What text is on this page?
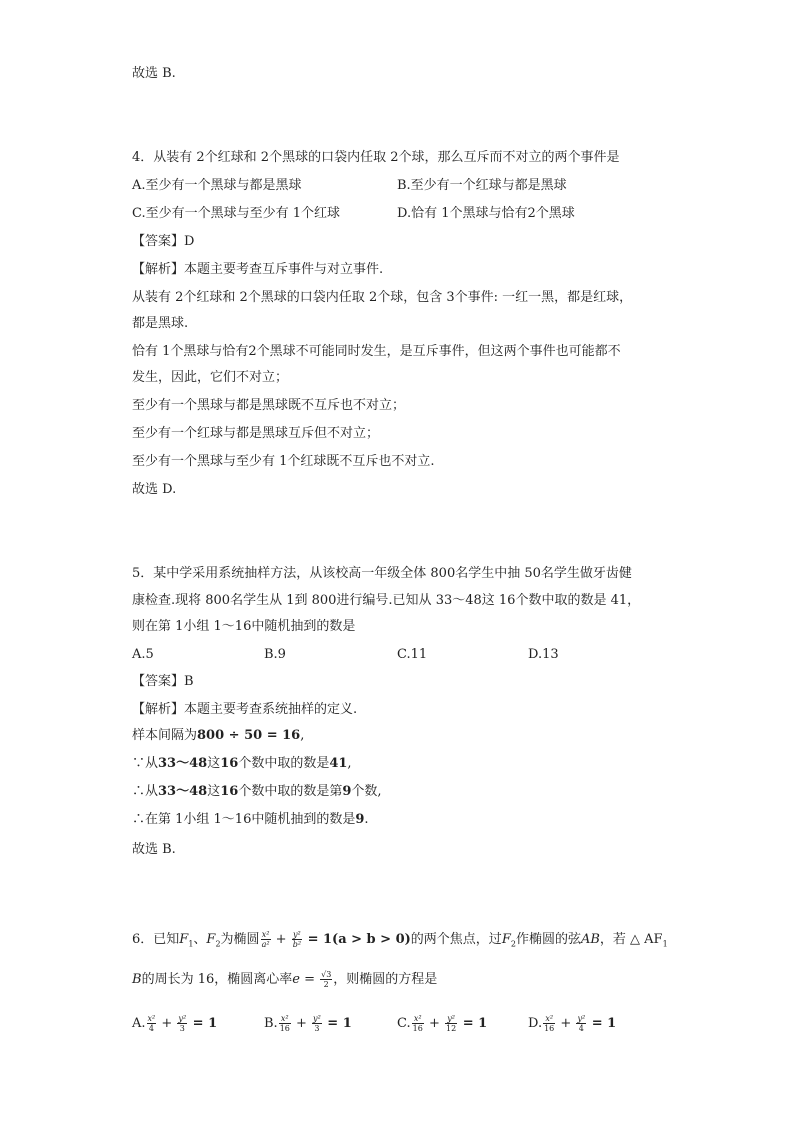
故选 B.
4．从装有 2个红球和 2个黑球的口袋内任取 2个球，那么互斥而不对立的两个事件是
A.至少有一个黑球与都是黑球	B.至少有一个红球与都是黑球
C.至少有一个黑球与至少有 1个红球	D.恰有 1个黑球与恰有2个黑球
【答案】D
【解析】本题主要考查互斥事件与对立事件.
从装有 2个红球和 2个黑球的口袋内任取 2个球，包含 3个事件: 一红一黑，都是红球，
都是黑球.
恰有 1个黑球与恰有2个黑球不可能同时发生，是互斥事件，但这两个事件也可能都不
发生，因此，它们不对立；
至少有一个黑球与都是黑球既不互斥也不对立；
至少有一个红球与都是黑球互斥但不对立；
至少有一个黑球与至少有 1个红球既不互斥也不对立.
故选 D.
5．某中学采用系统抽样方法，从该校高一年级全体 800名学生中抽 50名学生做牙齿健
康检查.现将 800名学生从 1到 800进行编号.已知从 33～48这 16个数中取的数是 41，
则在第 1小组 1～16中随机抽到的数是
A.5	B.9	C.11	D.13
【答案】B
【解析】本题主要考查系统抽样的定义.
样本间隔为800 ÷ 50 = 16,
∵从33～48这16个数中取的数是41,
∴从33～48这16个数中取的数是第9个数,
∴在第 1小组 1～16中随机抽到的数是9.
故选 B.
6．已知$F_1$、$F_2$为椭圆 $\frac{\text{x²}}{\text{a²}} + \frac{\text{y²}}{\text{b²}} = 1(a > b > 0)$的两个焦点，过$F_2$作椭圆的弦AB，若 △ $AF_1$
B的周长为 16，椭圆离心率$e = \frac{√3}{2}$ ，则椭圆的方程是
A. $\frac{\text{x²}}{4} + \frac{\text{y²}}{3} = 1$	B. $\frac{\text{x²}}{16} + \frac{\text{y²}}{3} = 1$	C. $\frac{\text{x²}}{16} + \frac{\text{y²}}{12} = 1$	D. $\frac{\text{x²}}{16} + \frac{\text{y²}}{4} = 1$
